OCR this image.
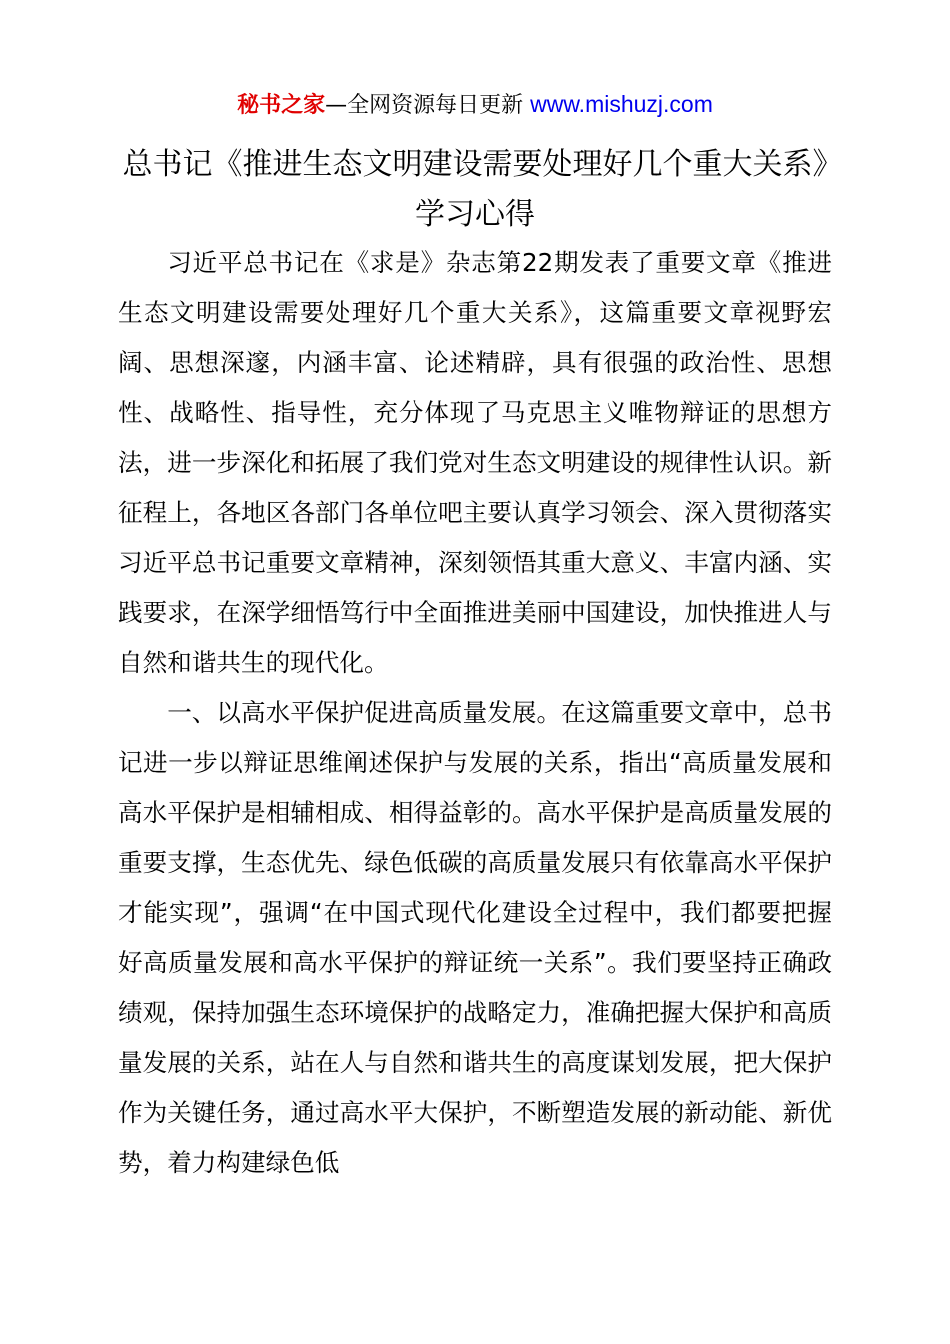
秘书之家—全网资源每日更新 www.mishuzj.com
总书记《推进生态文明建设需要处理好几个重大关系》学习心得

习近平总书记在《求是》杂志第22期发表了重要文章《推进生态文明建设需要处理好几个重大关系》，这篇重要文章视野宏阔、思想深邃，内涵丰富、论述精辟，具有很强的政治性、思想性、战略性、指导性，充分体现了马克思主义唯物辩证的思想方法，进一步深化和拓展了我们党对生态文明建设的规律性认识。新征程上，各地区各部门各单位吧主要认真学习领会、深入贯彻落实习近平总书记重要文章精神，深刻领悟其重大意义、丰富内涵、实践要求，在深学细悟笃行中全面推进美丽中国建设，加快推进人与自然和谐共生的现代化。

一、以高水平保护促进高质量发展。在这篇重要文章中，总书记进一步以辩证思维阐述保护与发展的关系，指出“高质量发展和高水平保护是相辅相成、相得益彰的。高水平保护是高质量发展的重要支撑，生态优先、绿色低碳的高质量发展只有依靠高水平保护才能实现”，强调“在中国式现代化建设全过程中，我们都要把握好高质量发展和高水平保护的辩证统一关系”。我们要坚持正确政绩观，保持加强生态环境保护的战略定力，准确把握大保护和高质量发展的关系，站在人与自然和谐共生的高度谋划发展，把大保护作为关键任务，通过高水平大保护，不断塑造发展的新动能、新优势，着力构建绿色低
